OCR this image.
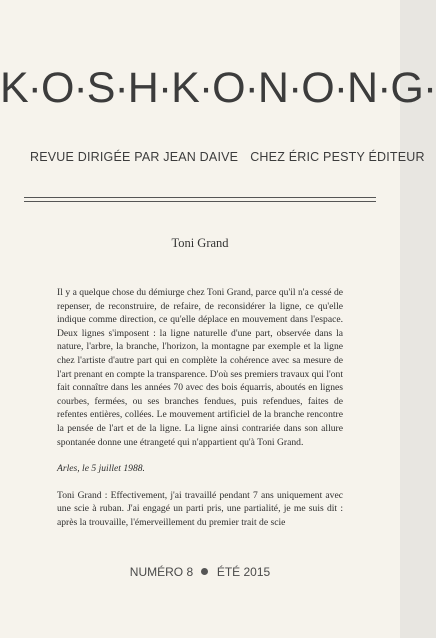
K·O·S·H·K·O·N·O·N·G·
REVUE DIRIGÉE PAR JEAN DAIVE CHEZ ÉRIC PESTY ÉDITEUR
Toni Grand

Il y a quelque chose du démiurge chez Toni Grand, parce qu'il n'a cessé de repenser, de reconstruire, de refaire, de reconsidérer la ligne, ce qu'elle indique comme direction, ce qu'elle déplace en mouvement dans l'espace. Deux lignes s'imposent : la ligne naturelle d'une part, observée dans la nature, l'arbre, la branche, l'horizon, la montagne par exemple et la ligne chez l'artiste d'autre part qui en complète la cohérence avec sa mesure de l'art prenant en compte la transparence. D'où ses premiers travaux qui l'ont fait connaître dans les années 70 avec des bois équarris, aboutés en lignes courbes, fermées, ou ses branches fendues, puis refendues, faites de refentes entières, collées. Le mouvement artificiel de la branche rencontre la pensée de l'art et de la ligne. La ligne ainsi contrariée dans son allure spontanée donne une étrangeté qui n'appartient qu'à Toni Grand.

Arles, le 5 juillet 1988.

Toni Grand : Effectivement, j'ai travaillé pendant 7 ans uniquement avec une scie à ruban. J'ai engagé un parti pris, une partialité, je me suis dit : après la trouvaille, l'émerveillement du premier trait de scie

NUMÉRO 8 ÉTÉ 2015
